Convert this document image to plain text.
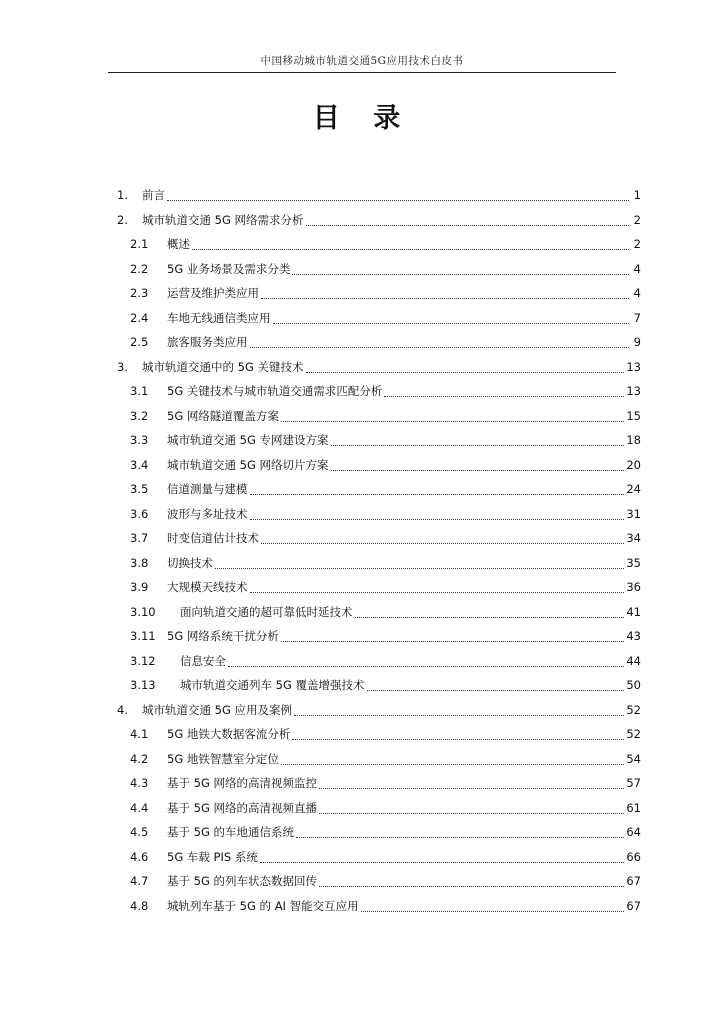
中国移动城市轨道交通5G应用技术白皮书
目 录
1. 前言	1
2. 城市轨道交通 5G 网络需求分析	2
2.1 概述	2
2.2 5G 业务场景及需求分类	4
2.3 运营及维护类应用	4
2.4 车地无线通信类应用	7
2.5 旅客服务类应用	9
3. 城市轨道交通中的 5G 关键技术	13
3.1 5G 关键技术与城市轨道交通需求匹配分析	13
3.2 5G 网络隧道覆盖方案	15
3.3 城市轨道交通 5G 专网建设方案	18
3.4 城市轨道交通 5G 网络切片方案	20
3.5 信道测量与建模	24
3.6 波形与多址技术	31
3.7 时变信道估计技术	34
3.8 切换技术	35
3.9 大规模天线技术	36
3.10 面向轨道交通的超可靠低时延技术	41
3.11 5G 网络系统干扰分析	43
3.12 信息安全	44
3.13 城市轨道交通列车 5G 覆盖增强技术	50
4. 城市轨道交通 5G 应用及案例	52
4.1 5G 地铁大数据客流分析	52
4.2 5G 地铁智慧室分定位	54
4.3 基于 5G 网络的高清视频监控	57
4.4 基于 5G 网络的高清视频直播	61
4.5 基于 5G 的车地通信系统	64
4.6 5G 车载 PIS 系统	66
4.7 基于 5G 的列车状态数据回传	67
4.8 城轨列车基于 5G 的 AI 智能交互应用	67
